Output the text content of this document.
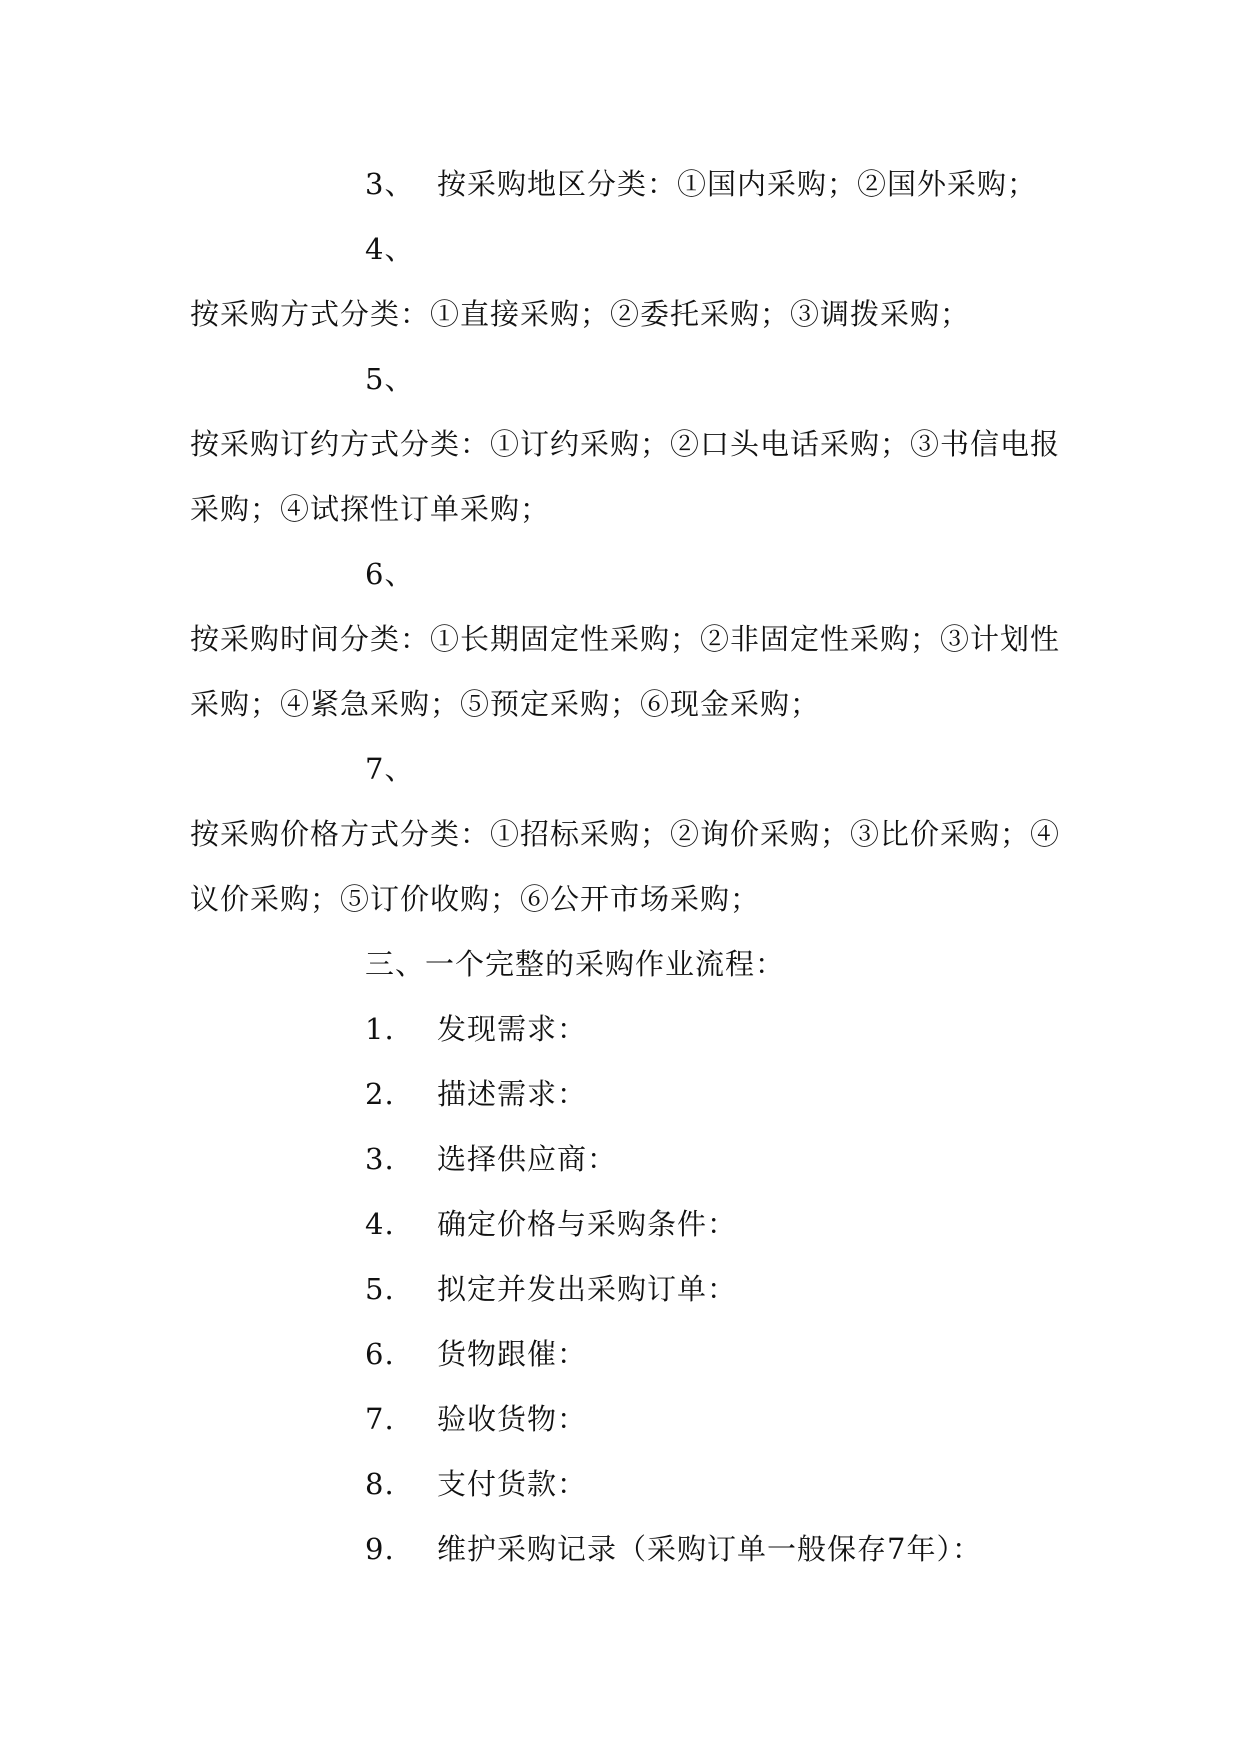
3、 按采购地区分类：①国内采购；②国外采购；
4、
按采购方式分类：①直接采购；②委托采购；③调拨采购；
5、
按采购订约方式分类：①订约采购；②口头电话采购；③书信电报
采购；④试探性订单采购；
6、
按采购时间分类：①长期固定性采购；②非固定性采购；③计划性
采购；④紧急采购；⑤预定采购；⑥现金采购；
7、
按采购价格方式分类：①招标采购；②询价采购；③比价采购；④
议价采购；⑤订价收购；⑥公开市场采购；
三、一个完整的采购作业流程：
1. 发现需求：
2. 描述需求：
3. 选择供应商：
4. 确定价格与采购条件：
5. 拟定并发出采购订单：
6. 货物跟催：
7. 验收货物：
8. 支付货款：
9. 维护采购记录（采购订单一般保存7年）：
